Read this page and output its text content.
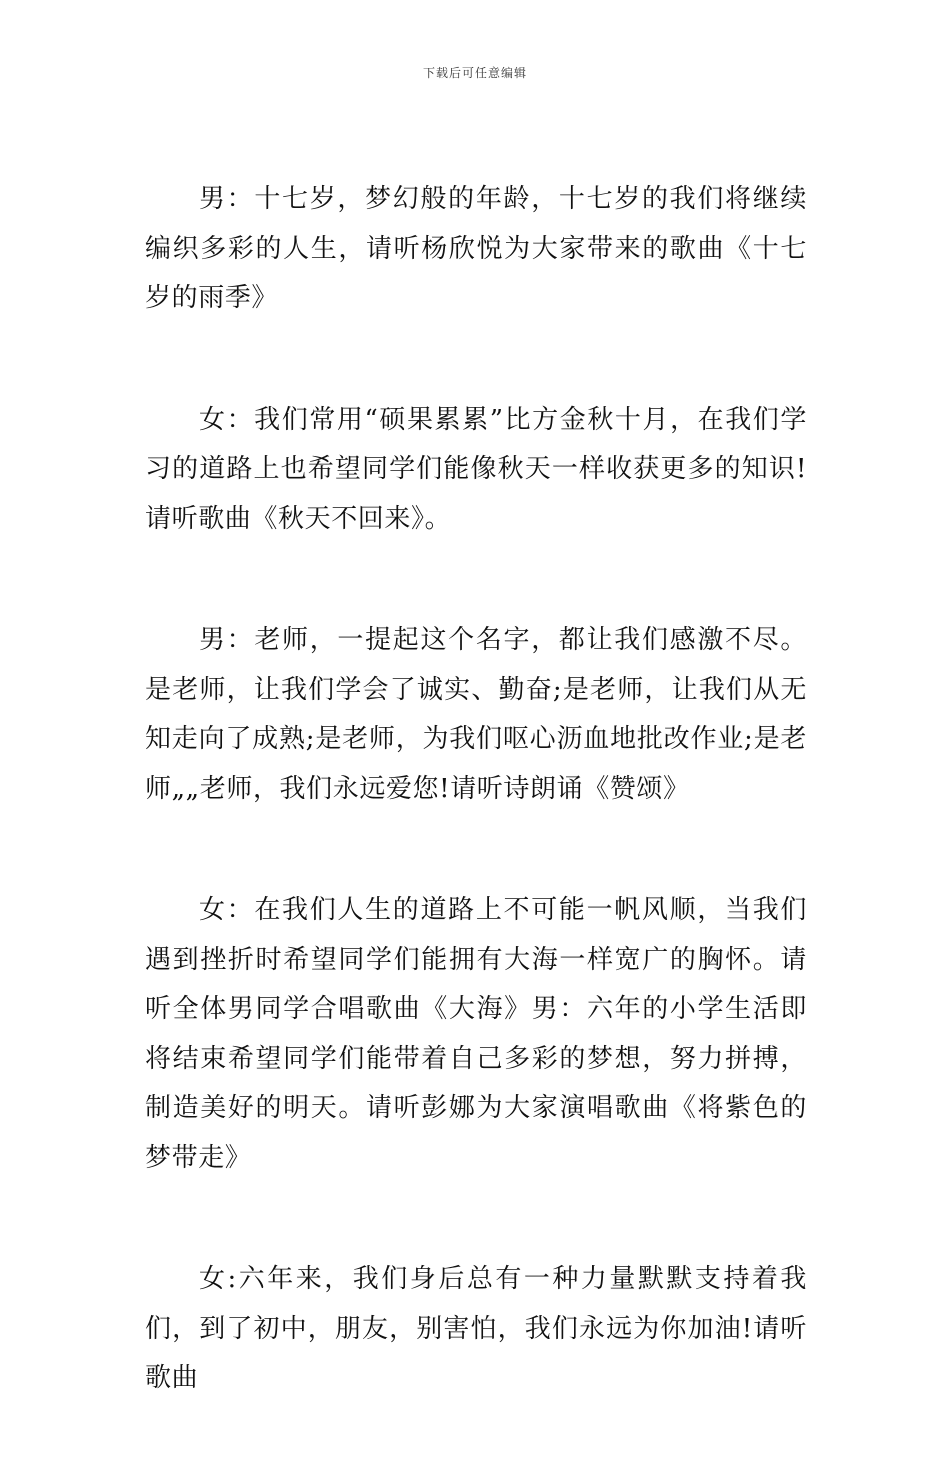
下载后可任意编辑

男：十七岁，梦幻般的年龄，十七岁的我们将继续编织多彩的人生，请听杨欣悦为大家带来的歌曲《十七岁的雨季》

女：我们常用“硕果累累”比方金秋十月，在我们学习的道路上也希望同学们能像秋天一样收获更多的知识!请听歌曲《秋天不回来》。

男：老师，一提起这个名字，都让我们感激不尽。是老师，让我们学会了诚实、勤奋;是老师，让我们从无知走向了成熟;是老师，为我们呕心沥血地批改作业;是老师„„老师，我们永远爱您!请听诗朗诵《赞颂》

女：在我们人生的道路上不可能一帆风顺，当我们遇到挫折时希望同学们能拥有大海一样宽广的胸怀。请听全体男同学合唱歌曲《大海》男：六年的小学生活即将结束希望同学们能带着自己多彩的梦想，努力拼搏，制造美好的明天。请听彭娜为大家演唱歌曲《将紫色的梦带走》

女:六年来，我们身后总有一种力量默默支持着我们，到了初中，朋友，别害怕，我们永远为你加油!请听歌曲
